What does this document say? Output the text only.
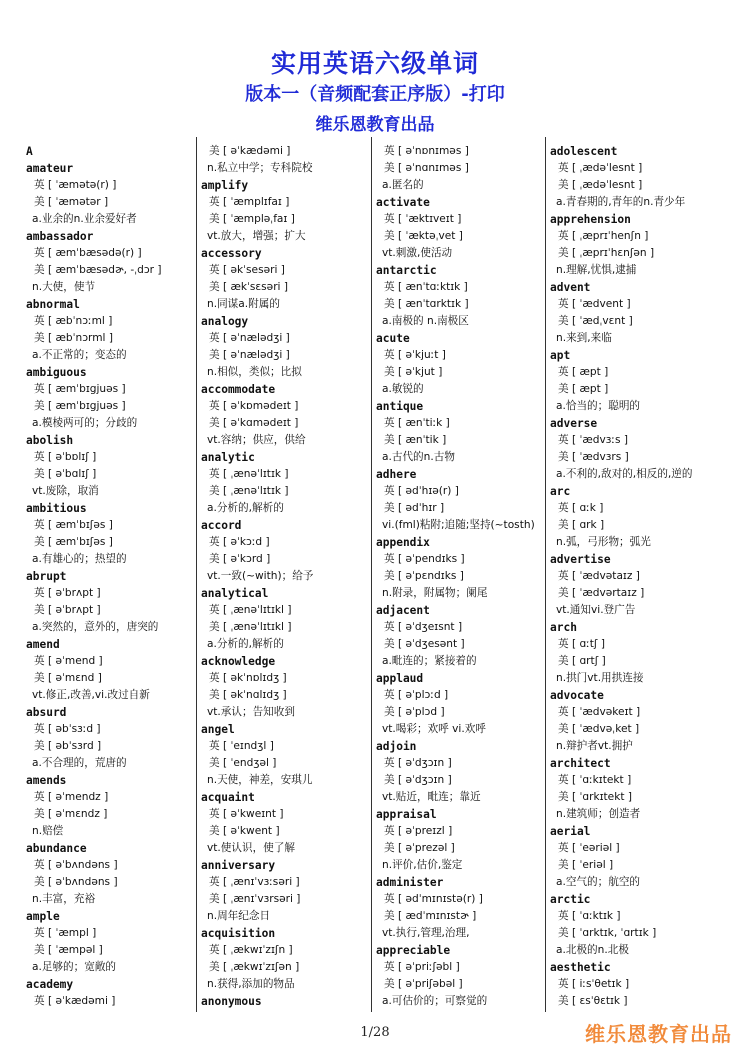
实用英语六级单词
版本一（音频配套正序版）-打印
维乐恩教育出品
A
amateur
英 [ ˈæmətə(r) ]
美 [ ˈæmətər ]
a.业余的n.业余爱好者
ambassador
英 [ æmˈbæsədə(r) ]
美 [ æmˈbæsədɚ, -ˌdɔr ]
n.大使，使节
abnormal
英 [ æbˈnɔːml ]
美 [ æbˈnɔrml ]
a.不正常的；变态的
ambiguous
英 [ æmˈbɪgjuəs ]
美 [ æmˈbɪgjuəs ]
a.模棱两可的；分歧的
abolish
英 [ əˈbɒlɪʃ ]
美 [ əˈbɑlɪʃ ]
vt.废除，取消
ambitious
英 [ æmˈbɪʃəs ]
美 [ æmˈbɪʃəs ]
a.有雄心的；热望的
abrupt
英 [ əˈbrʌpt ]
美 [ əˈbrʌpt ]
a.突然的，意外的，唐突的
amend
英 [ əˈmend ]
美 [ əˈmɛnd ]
vt.修正,改善,vi.改过自新
absurd
英 [ əbˈsɜːd ]
美 [ əbˈsɜrd ]
a.不合理的，荒唐的
amends
英 [ əˈmendz ]
美 [ əˈmɛndz ]
n.赔偿
abundance
英 [ əˈbʌndəns ]
美 [ əˈbʌndəns ]
n.丰富，充裕
ample
英 [ ˈæmpl ]
美 [ ˈæmpəl ]
a.足够的；宽敞的
academy
英 [ əˈkædəmi ]
美 [ əˈkædəmi ]
n.私立中学；专科院校
amplify
英 [ ˈæmplɪfaɪ ]
美 [ ˈæmpləˌfaɪ ]
vt.放大，增强；扩大
accessory
英 [ əkˈsesəri ]
美 [ ækˈsɛsəri ]
n.同谋a.附属的
analogy
英 [ əˈnælədʒi ]
美 [ əˈnælədʒi ]
n.相似，类似；比拟
accommodate
英 [ əˈkɒmədeɪt ]
美 [ əˈkɑmədeɪt ]
vt.容纳；供应，供给
analytic
英 [ ˌænəˈlɪtɪk ]
美 [ ˌænəˈlɪtɪk ]
a.分析的,解析的
accord
英 [ əˈkɔːd ]
美 [ əˈkɔrd ]
vt.一致(~with)；给予
analytical
英 [ ˌænəˈlɪtɪkl ]
美 [ ˌænəˈlɪtɪkl ]
a.分析的,解析的
acknowledge
英 [ əkˈnɒlɪdʒ ]
美 [ əkˈnɑlɪdʒ ]
vt.承认；告知收到
angel
英 [ ˈeɪndʒl ]
美 [ ˈendʒəl ]
n.天使，神差，安琪儿
acquaint
英 [ əˈkweɪnt ]
美 [ əˈkwent ]
vt.使认识，使了解
anniversary
英 [ ˌænɪˈvɜːsəri ]
美 [ ˌænɪˈvɜrsəri ]
n.周年纪念日
acquisition
英 [ ˌækwɪˈzɪʃn ]
美 [ ˌækwɪˈzɪʃən ]
n.获得,添加的物品
anonymous
英 [ əˈnɒnɪməs ]
美 [ əˈnɑnɪməs ]
a.匿名的
activate
英 [ ˈæktɪveɪt ]
美 [ ˈæktəˌvet ]
vt.刺激,使活动
antarctic
英 [ ænˈtɑːktɪk ]
美 [ ænˈtɑrktɪk ]
a.南极的 n.南极区
acute
英 [ əˈkjuːt ]
美 [ əˈkjut ]
a.敏锐的
antique
英 [ ænˈtiːk ]
美 [ ænˈtik ]
a.古代的n.古物
adhere
英 [ ədˈhɪə(r) ]
美 [ ədˈhɪr ]
vi.(fml)粘附;追随;坚持(~tosth)
appendix
英 [ əˈpendɪks ]
美 [ əˈpɛndɪks ]
n.附录，附属物；阑尾
adjacent
英 [ əˈdʒeɪsnt ]
美 [ əˈdʒesənt ]
a.毗连的；紧接着的
applaud
英 [ əˈplɔːd ]
美 [ əˈplɔd ]
vt.喝彩；欢呼 vi.欢呼
adjoin
英 [ əˈdʒɔɪn ]
美 [ əˈdʒɔɪn ]
vt.贴近，毗连；靠近
appraisal
英 [ əˈpreɪzl ]
美 [ əˈprezəl ]
n.评价,估价,鉴定
administer
英 [ ədˈmɪnɪstə(r) ]
美 [ ædˈmɪnɪstɚ ]
vt.执行,管理,治理,
appreciable
英 [ əˈpriːʃəbl ]
美 [ əˈpriʃəbəl ]
a.可估价的；可察觉的
adolescent
英 [ ˌædəˈlesnt ]
美 [ ˌædəˈlesnt ]
a.青春期的,青年的n.青少年
apprehension
英 [ ˌæprɪˈhenʃn ]
美 [ ˌæprɪˈhɛnʃən ]
n.理解,忧惧,逮捕
advent
英 [ ˈædvent ]
美 [ ˈædˌvɛnt ]
n.来到,来临
apt
英 [ æpt ]
美 [ æpt ]
a.恰当的；聪明的
adverse
英 [ ˈædvɜːs ]
美 [ ˈædvɜrs ]
a.不利的,敌对的,相反的,逆的
arc
英 [ ɑːk ]
美 [ ɑrk ]
n.弧，弓形物；弧光
advertise
英 [ ˈædvətaɪz ]
美 [ ˈædvərtaɪz ]
vt.通知vi.登广告
arch
英 [ ɑːtʃ ]
美 [ ɑrtʃ ]
n.拱门vt.用拱连接
advocate
英 [ ˈædvəkeɪt ]
美 [ ˈædvəˌket ]
n.辩护者vt.拥护
architect
英 [ ˈɑːkɪtekt ]
美 [ ˈɑrkɪtekt ]
n.建筑师；创造者
aerial
英 [ ˈeəriəl ]
美 [ ˈeriəl ]
a.空气的；航空的
arctic
英 [ ˈɑːktɪk ]
美 [ ˈɑrktɪk, ˈɑrtɪk ]
a.北极的n.北极
aesthetic
英 [ iːsˈθetɪk ]
美 [ ɛsˈθɛtɪk ]
1/28	维乐恩教育出品
